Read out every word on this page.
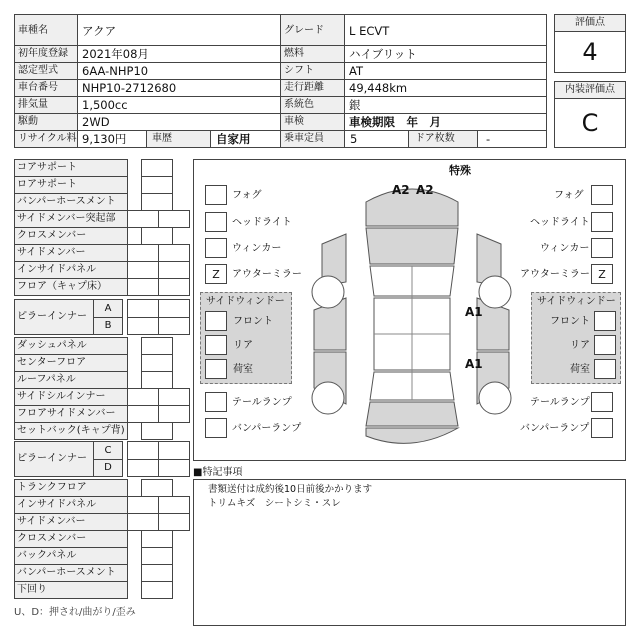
車種名	アクア	グレード L ECVT
初年度登録 2021年08月	燃料	ハイブリット
認定型式 6AA-NHP10	シフト	AT
車台番号 NHP10-2712680	走行距離 49,448km
排気量	1,500cc	系統色	銀
駆動	2WD	車検	車検期限　年　月
リサイクル料 9,130円	車歴	自家用	乗車定員 5	ドア枚数	-
評価点
4
内装評価点
C
コアサポート
ロアサポート
バンパーホースメント
サイドメンバー突起部
クロスメンバー
サイドメンバー
インサイドパネル
フロア（キャプ床）
ピラーインナー
A
B
ダッシュパネル
センターフロア
ルーフパネル
サイドシルインナー
フロアサイドメンバー
セットバック(キャプ背)
ピラーインナー
C
D
トランクフロア
インサイドパネル
サイドメンバー
クロスメンバー
バックパネル
バンパーホースメント
下回り
U、D：押され/曲がり/歪み
特殊
フォグ
ヘッドライト
ウィンカー
Z	アウターミラー
フォグ
ヘッドライト
ウィンカー
Z
アウターミラー
サイドウィンドー
フロント
リア
荷室
サイドウィンドー
フロント
リア
荷室
テールランプ
バンパーランプ
テールランプ
バンパーランプ
A2 A2
A1
A1
■特記事項
書類送付は成約後10日前後かかります
トリムキズ　シートシミ・スレ
